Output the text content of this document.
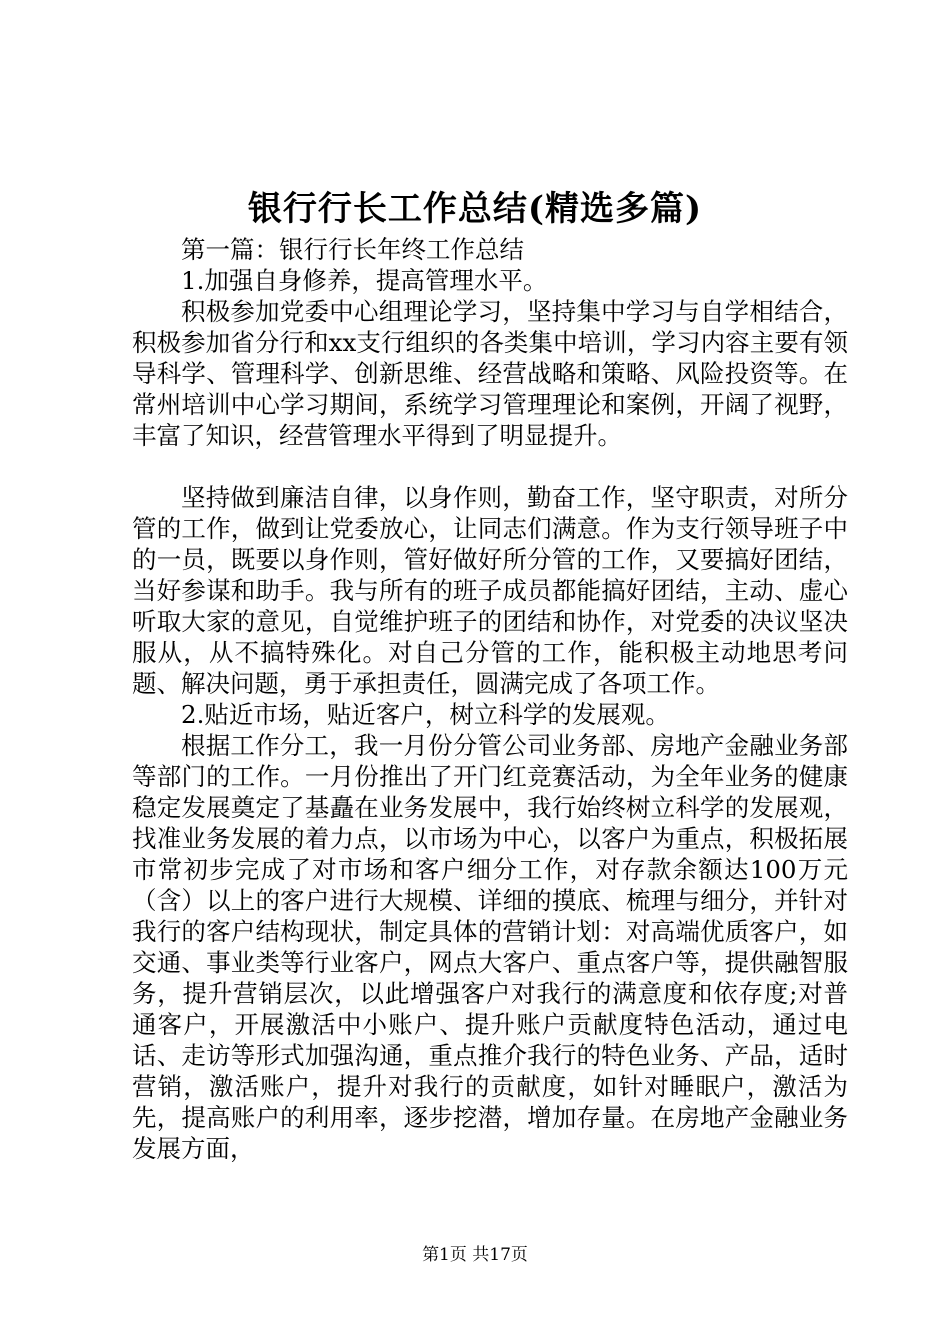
银行行长工作总结(精选多篇)

第一篇：银行行长年终工作总结

1.加强自身修养，提高管理水平。

积极参加党委中心组理论学习，坚持集中学习与自学相结合，积极参加省分行和xx支行组织的各类集中培训，学习内容主要有领导科学、管理科学、创新思维、经营战略和策略、风险投资等。在常州培训中心学习期间，系统学习管理理论和案例，开阔了视野，丰富了知识，经营管理水平得到了明显提升。

坚持做到廉洁自律，以身作则，勤奋工作，坚守职责，对所分管的工作，做到让党委放心，让同志们满意。作为支行领导班子中的一员，既要以身作则，管好做好所分管的工作，又要搞好团结，当好参谋和助手。我与所有的班子成员都能搞好团结，主动、虚心听取大家的意见，自觉维护班子的团结和协作，对党委的决议坚决服从，从不搞特殊化。对自己分管的工作，能积极主动地思考问题、解决问题，勇于承担责任，圆满完成了各项工作。

2.贴近市场，贴近客户，树立科学的发展观。

根据工作分工，我一月份分管公司业务部、房地产金融业务部等部门的工作。一月份推出了开门红竞赛活动，为全年业务的健康稳定发展奠定了基矗在业务发展中，我行始终树立科学的发展观，找准业务发展的着力点，以市场为中心，以客户为重点，积极拓展市常初步完成了对市场和客户细分工作，对存款余额达100万元（含）以上的客户进行大规模、详细的摸底、梳理与细分，并针对我行的客户结构现状，制定具体的营销计划：对高端优质客户，如交通、事业类等行业客户，网点大客户、重点客户等，提供融智服务，提升营销层次，以此增强客户对我行的满意度和依存度;对普通客户，开展激活中小账户、提升账户贡献度特色活动，通过电话、走访等形式加强沟通，重点推介我行的特色业务、产品，适时营销，激活账户，提升对我行的贡献度，如针对睡眠户，激活为先，提高账户的利用率，逐步挖潜，增加存量。在房地产金融业务发展方面，

第1页 共17页
